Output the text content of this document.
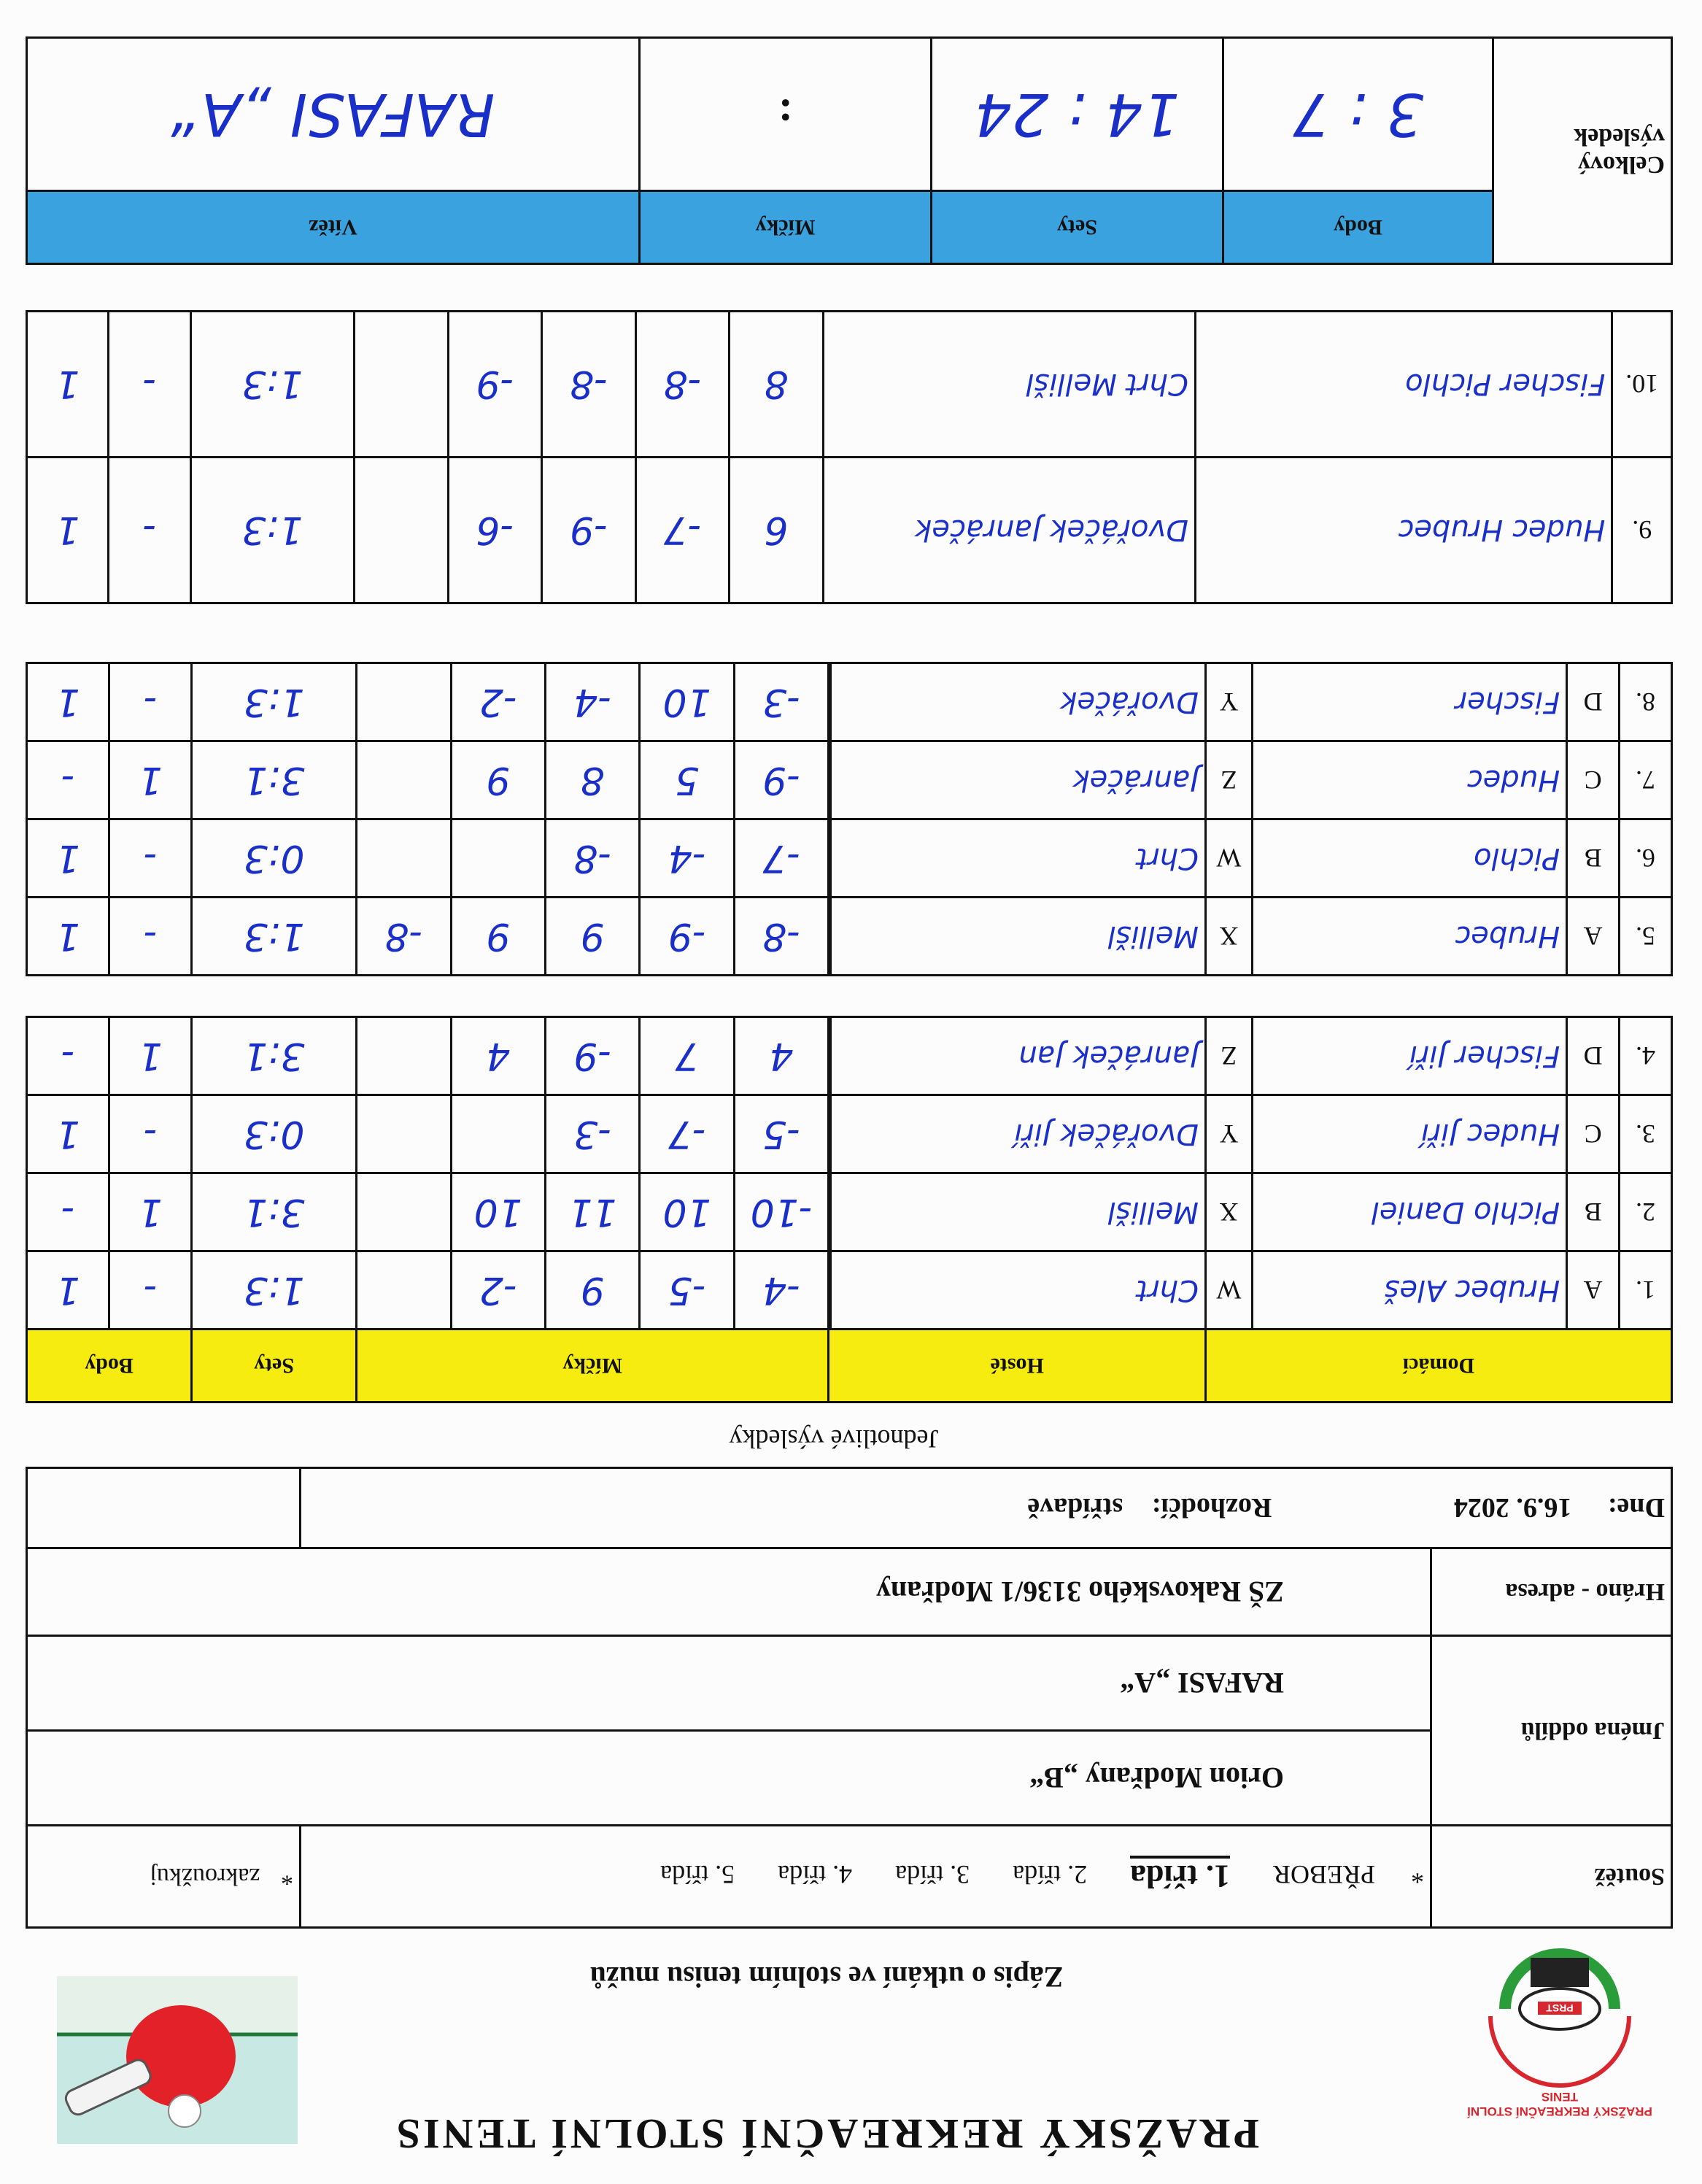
PRST
PRAŽSKÝ REKREAČNÍ STOLNÍ TENIS
PRAŽSKÝ REKREAČNÍ STOLNÍ TENIS
Zápis o utkání ve stolním tenisu mužů
Soutěž	* PŘEBOR 1. třída 2. třída 3. třída 4. třída 5. třída	* zakroužkuj
Jména oddílů	Orion Modřany „B“	
	RAFASI „A“	
Hráno - adresa	ZŠ Rakovského 3136/1 Modřany	
Dne: 16.9. 2024 Rozhodčí: střídavě		
Jednotlivé výsledky
Domácí				Hosté		Míčky					Sety	Body	
1.	A	Hrubec Aleš	W	Chrt		-4	-5	9	-2		1:3	-	1
2.	B	Pichlo Daniel	X	Mellišl		-10	10	11	10		3:1	1	-
3.	C	Hudec Jiří	Y	Dvořáček Jiří		-5	-7	-3			0:3	-	1
4.	D	Fischer Jiří	Z	Janráček Jan		4	7	-9	4		3:1	1	-
5.	A	Hrubec	X	Mellišl		-8	-9	9	9	-8	1:3	-	1
6.	B	Pichlo	W	Chrt		-7	-4	-8			0:3	-	1
7.	C	Hudec	Z	Janráček		-9	5	8	9		3:1	1	-
8.	D	Fischer	Y	Dvořáček		-3	10	-4	-2		1:3	-	1
9.	Hudec Hrubec	Dvořáček Janráček	6	-7	-9	-6		1:3	-	1
10.	Fischer Pichlo	Chrt Mellišl	8	-8	-8	-9		1:3	-	1
Celkový výsledek	Body	Sety	Míčky	Vítěz
	3 : 7	14 : 24	:	RAFASI „A“
